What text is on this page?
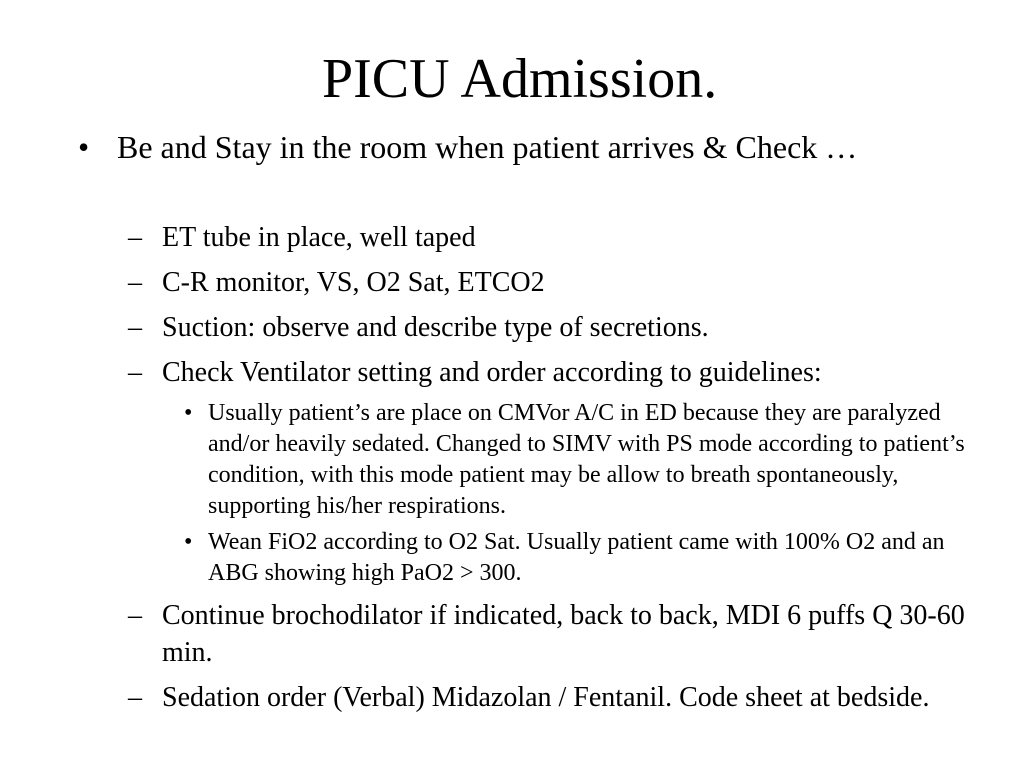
PICU Admission.
• Be and Stay in the room when patient arrives & Check …
– ET tube in place, well taped
– C-R monitor, VS, O2 Sat, ETCO2
– Suction: observe and describe type of secretions.
– Check Ventilator setting and order according to guidelines:
• Usually patient’s are place on CMVor A/C in ED because they are paralyzed and/or heavily sedated. Changed to SIMV with PS mode according to patient’s condition, with this mode patient may be allow to breath spontaneously, supporting his/her respirations.
• Wean FiO2 according to O2 Sat. Usually patient came with 100% O2 and an ABG showing high PaO2 > 300.
– Continue brochodilator if indicated, back to back, MDI 6 puffs Q 30-60 min.
– Sedation order (Verbal) Midazolan / Fentanil. Code sheet at bedside.
